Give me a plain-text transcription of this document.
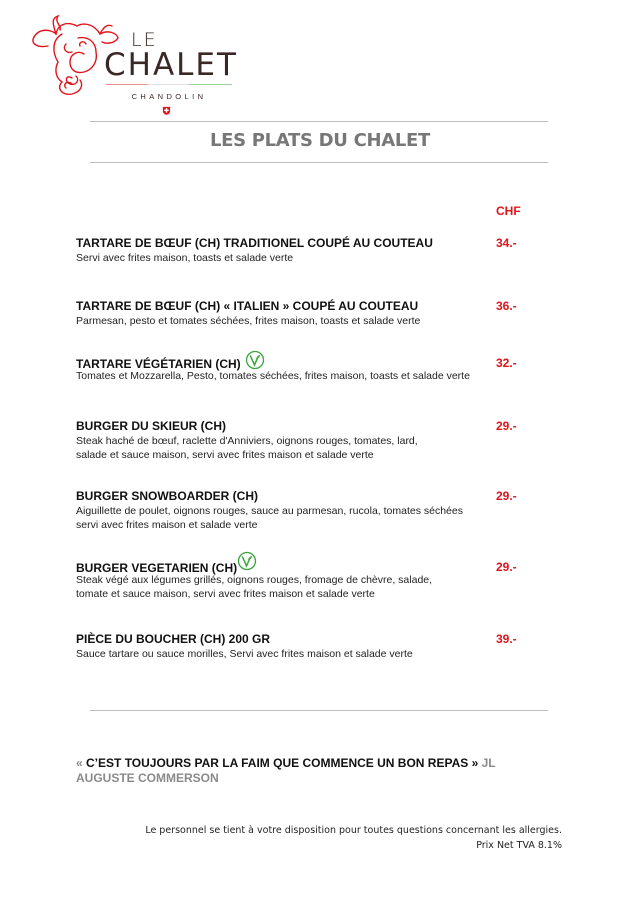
LE
CHALET
CHANDOLIN
LES PLATS DU CHALET
CHF
TARTARE DE BŒUF (CH) TRADITIONEL COUPÉ AU COUTEAU
Servi avec frites maison, toasts et salade verte
34.-
TARTARE DE BŒUF (CH) « ITALIEN » COUPÉ AU COUTEAU
Parmesan, pesto et tomates séchées, frites maison, toasts et salade verte
36.-
TARTARE VÉGÉTARIEN (CH)
Tomates et Mozzarella, Pesto, tomates séchées, frites maison, toasts et salade verte
32.-
BURGER DU SKIEUR (CH)
Steak haché de bœuf, raclette d'Anniviers, oignons rouges, tomates, lard,
salade et sauce maison, servi avec frites maison et salade verte
29.-
BURGER SNOWBOARDER (CH)
Aiguillette de poulet, oignons rouges, sauce au parmesan, rucola, tomates séchées
servi avec frites maison et salade verte
29.-
BURGER VEGETARIEN (CH)
Steak végé aux légumes grillés, oignons rouges, fromage de chèvre, salade,
tomate et sauce maison, servi avec frites maison et salade verte
29.-
PIÈCE DU BOUCHER (CH) 200 GR
Sauce tartare ou sauce morilles, Servi avec frites maison et salade verte
39.-
« C’EST TOUJOURS PAR LA FAIM QUE COMMENCE UN BON REPAS » JL AUGUSTE COMMERSON
Le personnel se tient à votre disposition pour toutes questions concernant les allergies.
Prix Net TVA 8.1%
